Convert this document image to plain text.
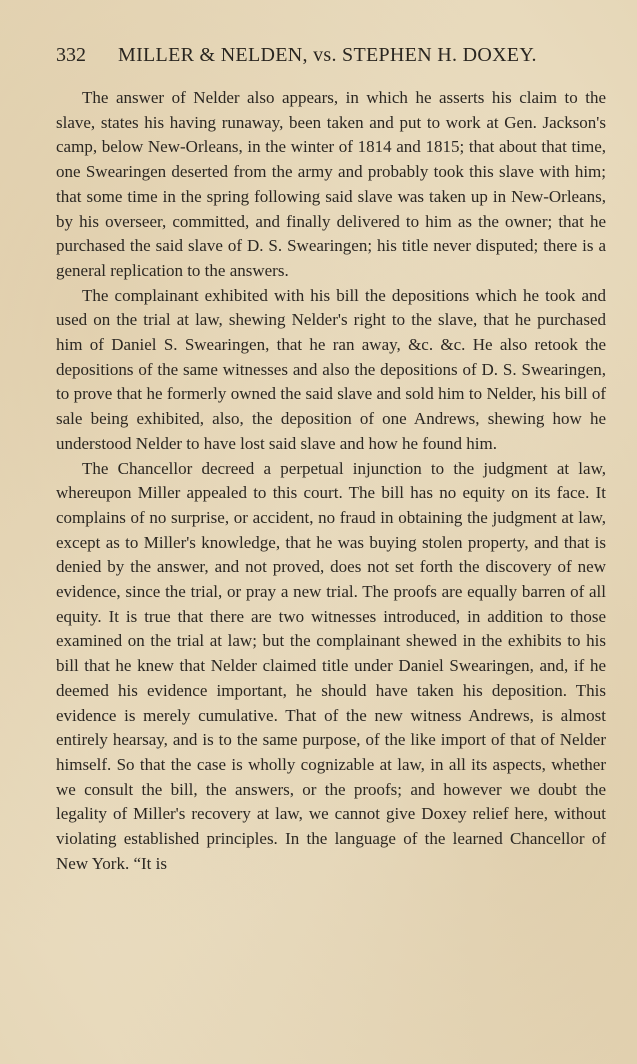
332 MILLER & NELDEN, vs. STEPHEN H. DOXEY.

The answer of Nelder also appears, in which he asserts his claim to the slave, states his having runaway, been taken and put to work at Gen. Jackson's camp, below New-Orleans, in the winter of 1814 and 1815; that about that time, one Swearingen deserted from the army and probably took this slave with him; that some time in the spring following said slave was taken up in New-Orleans, by his overseer, committed, and finally delivered to him as the owner; that he purchased the said slave of D. S. Swearingen; his title never disputed; there is a general replication to the answers.

The complainant exhibited with his bill the depositions which he took and used on the trial at law, shewing Nelder's right to the slave, that he purchased him of Daniel S. Swearingen, that he ran away, &c. &c. He also retook the depositions of the same witnesses and also the depositions of D. S. Swearingen, to prove that he formerly owned the said slave and sold him to Nelder, his bill of sale being exhibited, also, the deposition of one Andrews, shewing how he understood Nelder to have lost said slave and how he found him.

The Chancellor decreed a perpetual injunction to the judgment at law, whereupon Miller appealed to this court. The bill has no equity on its face. It complains of no surprise, or accident, no fraud in obtaining the judgment at law, except as to Miller's knowledge, that he was buying stolen property, and that is denied by the answer, and not proved, does not set forth the discovery of new evidence, since the trial, or pray a new trial. The proofs are equally barren of all equity. It is true that there are two witnesses introduced, in addition to those examined on the trial at law; but the complainant shewed in the exhibits to his bill that he knew that Nelder claimed title under Daniel Swearingen, and, if he deemed his evidence important, he should have taken his deposition. This evidence is merely cumulative. That of the new witness Andrews, is almost entirely hearsay, and is to the same purpose, of the like import of that of Nelder himself. So that the case is wholly cognizable at law, in all its aspects, whether we consult the bill, the answers, or the proofs; and however we doubt the legality of Miller's recovery at law, we cannot give Doxey relief here, without violating established principles. In the language of the learned Chancellor of New York. “It is
